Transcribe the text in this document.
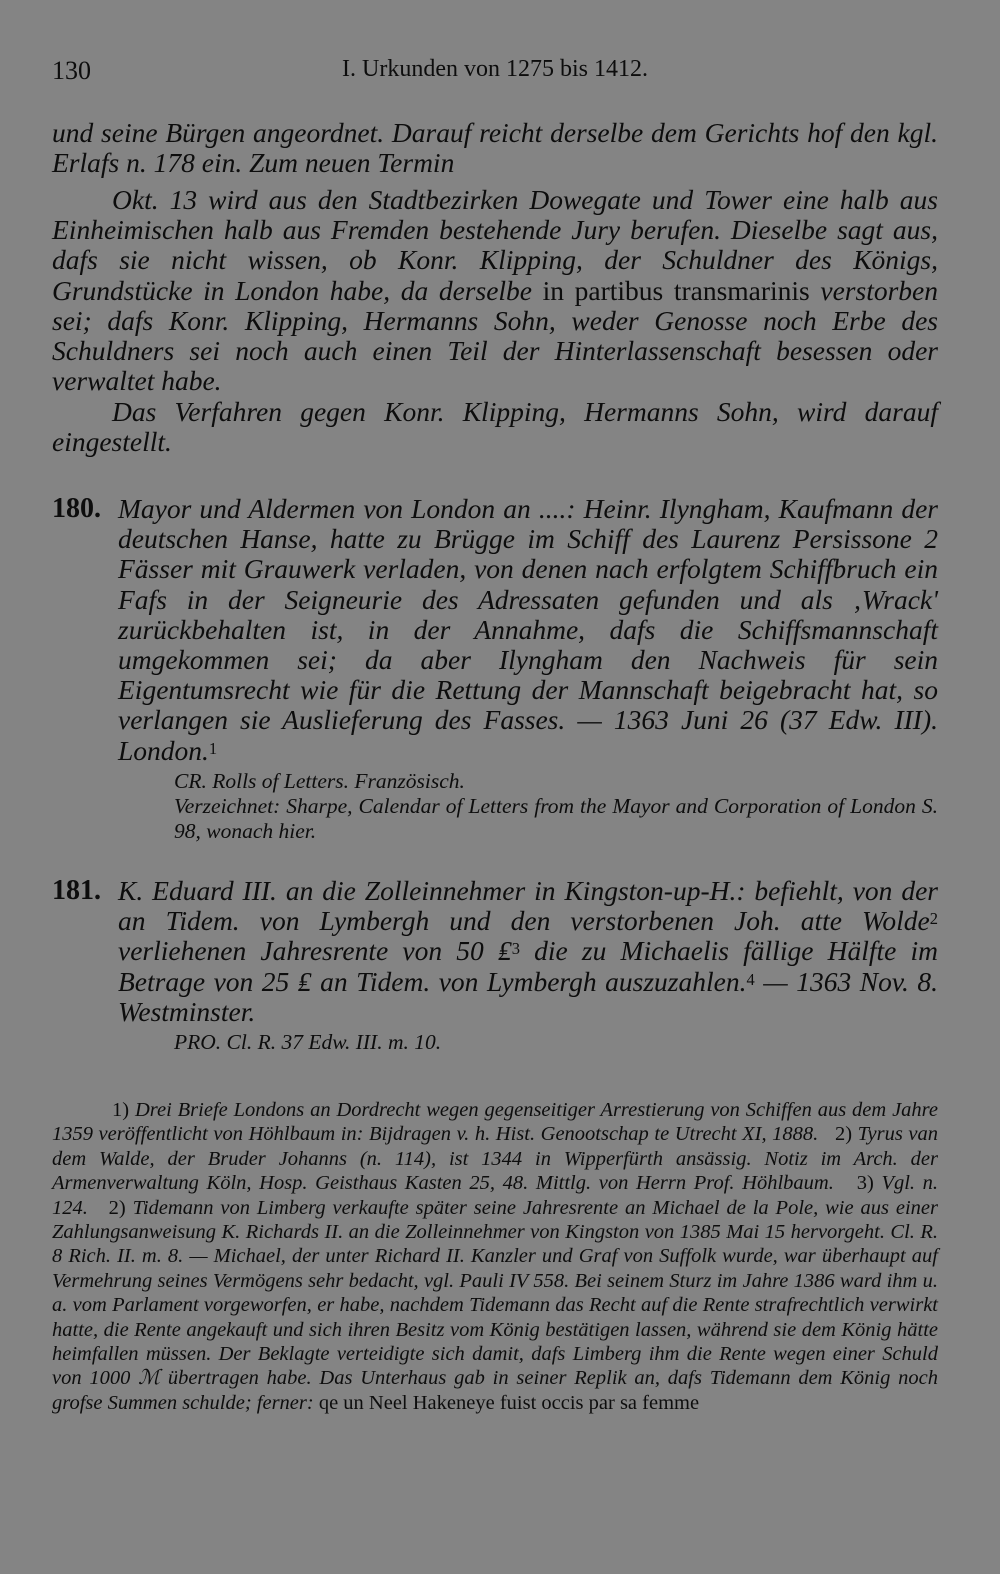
130	I. Urkunden von 1275 bis 1412.
und seine Bürgen angeordnet. Darauf reicht derselbe dem Gerichts hof den kgl. Erlafs n. 178 ein. Zum neuen Termin
Okt. 13 wird aus den Stadtbezirken Dowegate und Tower eine halb aus Einheimischen halb aus Fremden bestehende Jury berufen. Dieselbe sagt aus, dafs sie nicht wissen, ob Konr. Klipping, der Schuldner des Königs, Grundstücke in London habe, da derselbe in partibus transmarinis verstorben sei; dafs Konr. Klipping, Hermanns Sohn, weder Genosse noch Erbe des Schuldners sei noch auch einen Teil der Hinterlassenschaft besessen oder verwaltet habe.
Das Verfahren gegen Konr. Klipping, Hermanns Sohn, wird darauf eingestellt.
180. Mayor und Aldermen von London an ....: Heinr. Ilyngham, Kaufmann der deutschen Hanse, hatte zu Brügge im Schiff des Laurenz Persissone 2 Fässer mit Grauwerk verladen, von denen nach erfolgtem Schiffbruch ein Fafs in der Seigneurie des Adressaten gefunden und als ‚Wrack' zurückbehalten ist, in der Annahme, dafs die Schiffsmannschaft umgekommen sei; da aber Ilyngham den Nachweis für sein Eigentumsrecht wie für die Rettung der Mannschaft beigebracht hat, so verlangen sie Auslieferung des Fasses. — 1363 Juni 26 (37 Edw. III). London.$^1$
CR. Rolls of Letters. Französisch.
Verzeichnet: Sharpe, Calendar of Letters from the Mayor and Corporation of London S. 98, wonach hier.
181. K. Eduard III. an die Zolleinnehmer in Kingston-up-H.: befiehlt, von der an Tidem. von Lymbergh und den verstorbenen Joh. atte Wolde$^2$ verliehenen Jahresrente von 50 ₤$^3$ die zu Michaelis fällige Hälfte im Betrage von 25 ₤ an Tidem. von Lymbergh auszuzahlen.$^4$ — 1363 Nov. 8. Westminster.
PRO. Cl. R. 37 Edw. III. m. 10.
1) Drei Briefe Londons an Dordrecht wegen gegenseitiger Arrestierung von Schiffen aus dem Jahre 1359 veröffentlicht von Höhlbaum in: Bijdragen v. h. Hist. Genootschap te Utrecht XI, 1888. 2) Tyrus van dem Walde, der Bruder Johanns (n. 114), ist 1344 in Wipperfürth ansässig. Notiz im Arch. der Armenverwaltung Köln, Hosp. Geisthaus Kasten 25, 48. Mittlg. von Herrn Prof. Höhlbaum. 3) Vgl. n. 124. 2) Tidemann von Limberg verkaufte später seine Jahresrente an Michael de la Pole, wie aus einer Zahlungsanweisung K. Richards II. an die Zolleinnehmer von Kingston von 1385 Mai 15 hervorgeht. Cl. R. 8 Rich. II. m. 8. — Michael, der unter Richard II. Kanzler und Graf von Suffolk wurde, war überhaupt auf Vermehrung seines Vermögens sehr bedacht, vgl. Pauli IV 558. Bei seinem Sturz im Jahre 1386 ward ihm u. a. vom Parlament vorgeworfen, er habe, nachdem Tidemann das Recht auf die Rente strafrechtlich verwirkt hatte, die Rente angekauft und sich ihren Besitz vom König bestätigen lassen, während sie dem König hätte heimfallen müssen. Der Beklagte verteidigte sich damit, dafs Limberg ihm die Rente wegen einer Schuld von 1000 ℳ übertragen habe. Das Unterhaus gab in seiner Replik an, dafs Tidemann dem König noch grofse Summen schulde; ferner: qe un Neel Hakeneye fuist occis par sa femme
